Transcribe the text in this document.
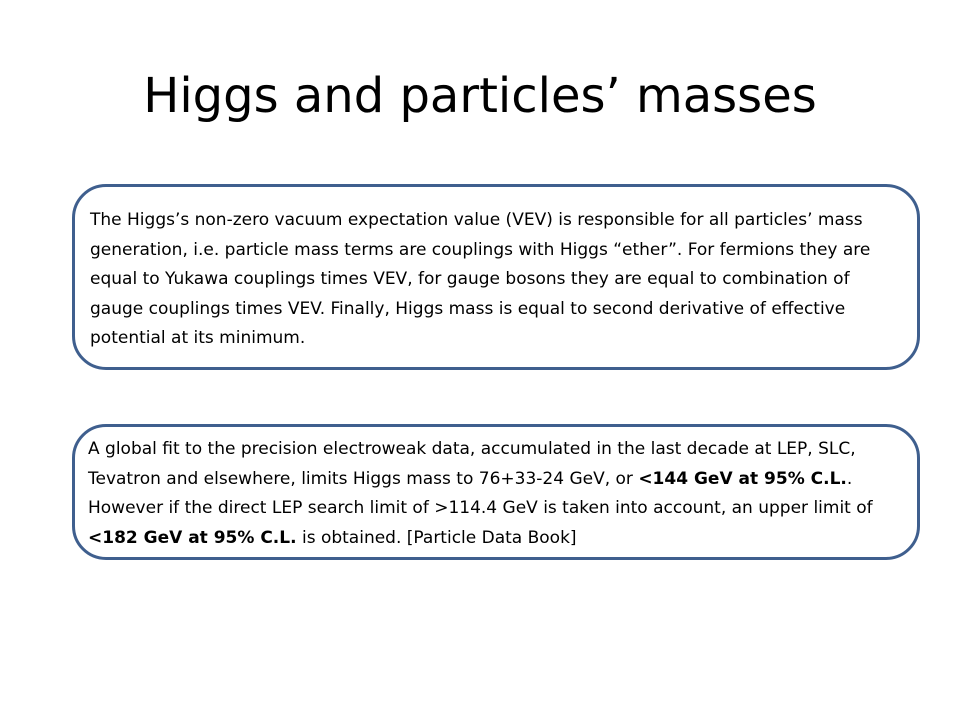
Higgs and particles’ masses

The Higgs’s non-zero vacuum expectation value (VEV) is responsible for all particles’ mass generation, i.e. particle mass terms are couplings with Higgs “ether”. For fermions they are equal to Yukawa couplings times VEV, for gauge bosons they are equal to combination of gauge couplings times VEV. Finally, Higgs mass is equal to second derivative of effective potential at its minimum.

A global fit to the precision electroweak data, accumulated in the last decade at LEP, SLC, Tevatron and elsewhere, limits Higgs mass to 76+33-24 GeV, or <144 GeV at 95% C.L.. However if the direct LEP search limit of >114.4 GeV is taken into account, an upper limit of <182 GeV at 95% C.L. is obtained. [Particle Data Book]
